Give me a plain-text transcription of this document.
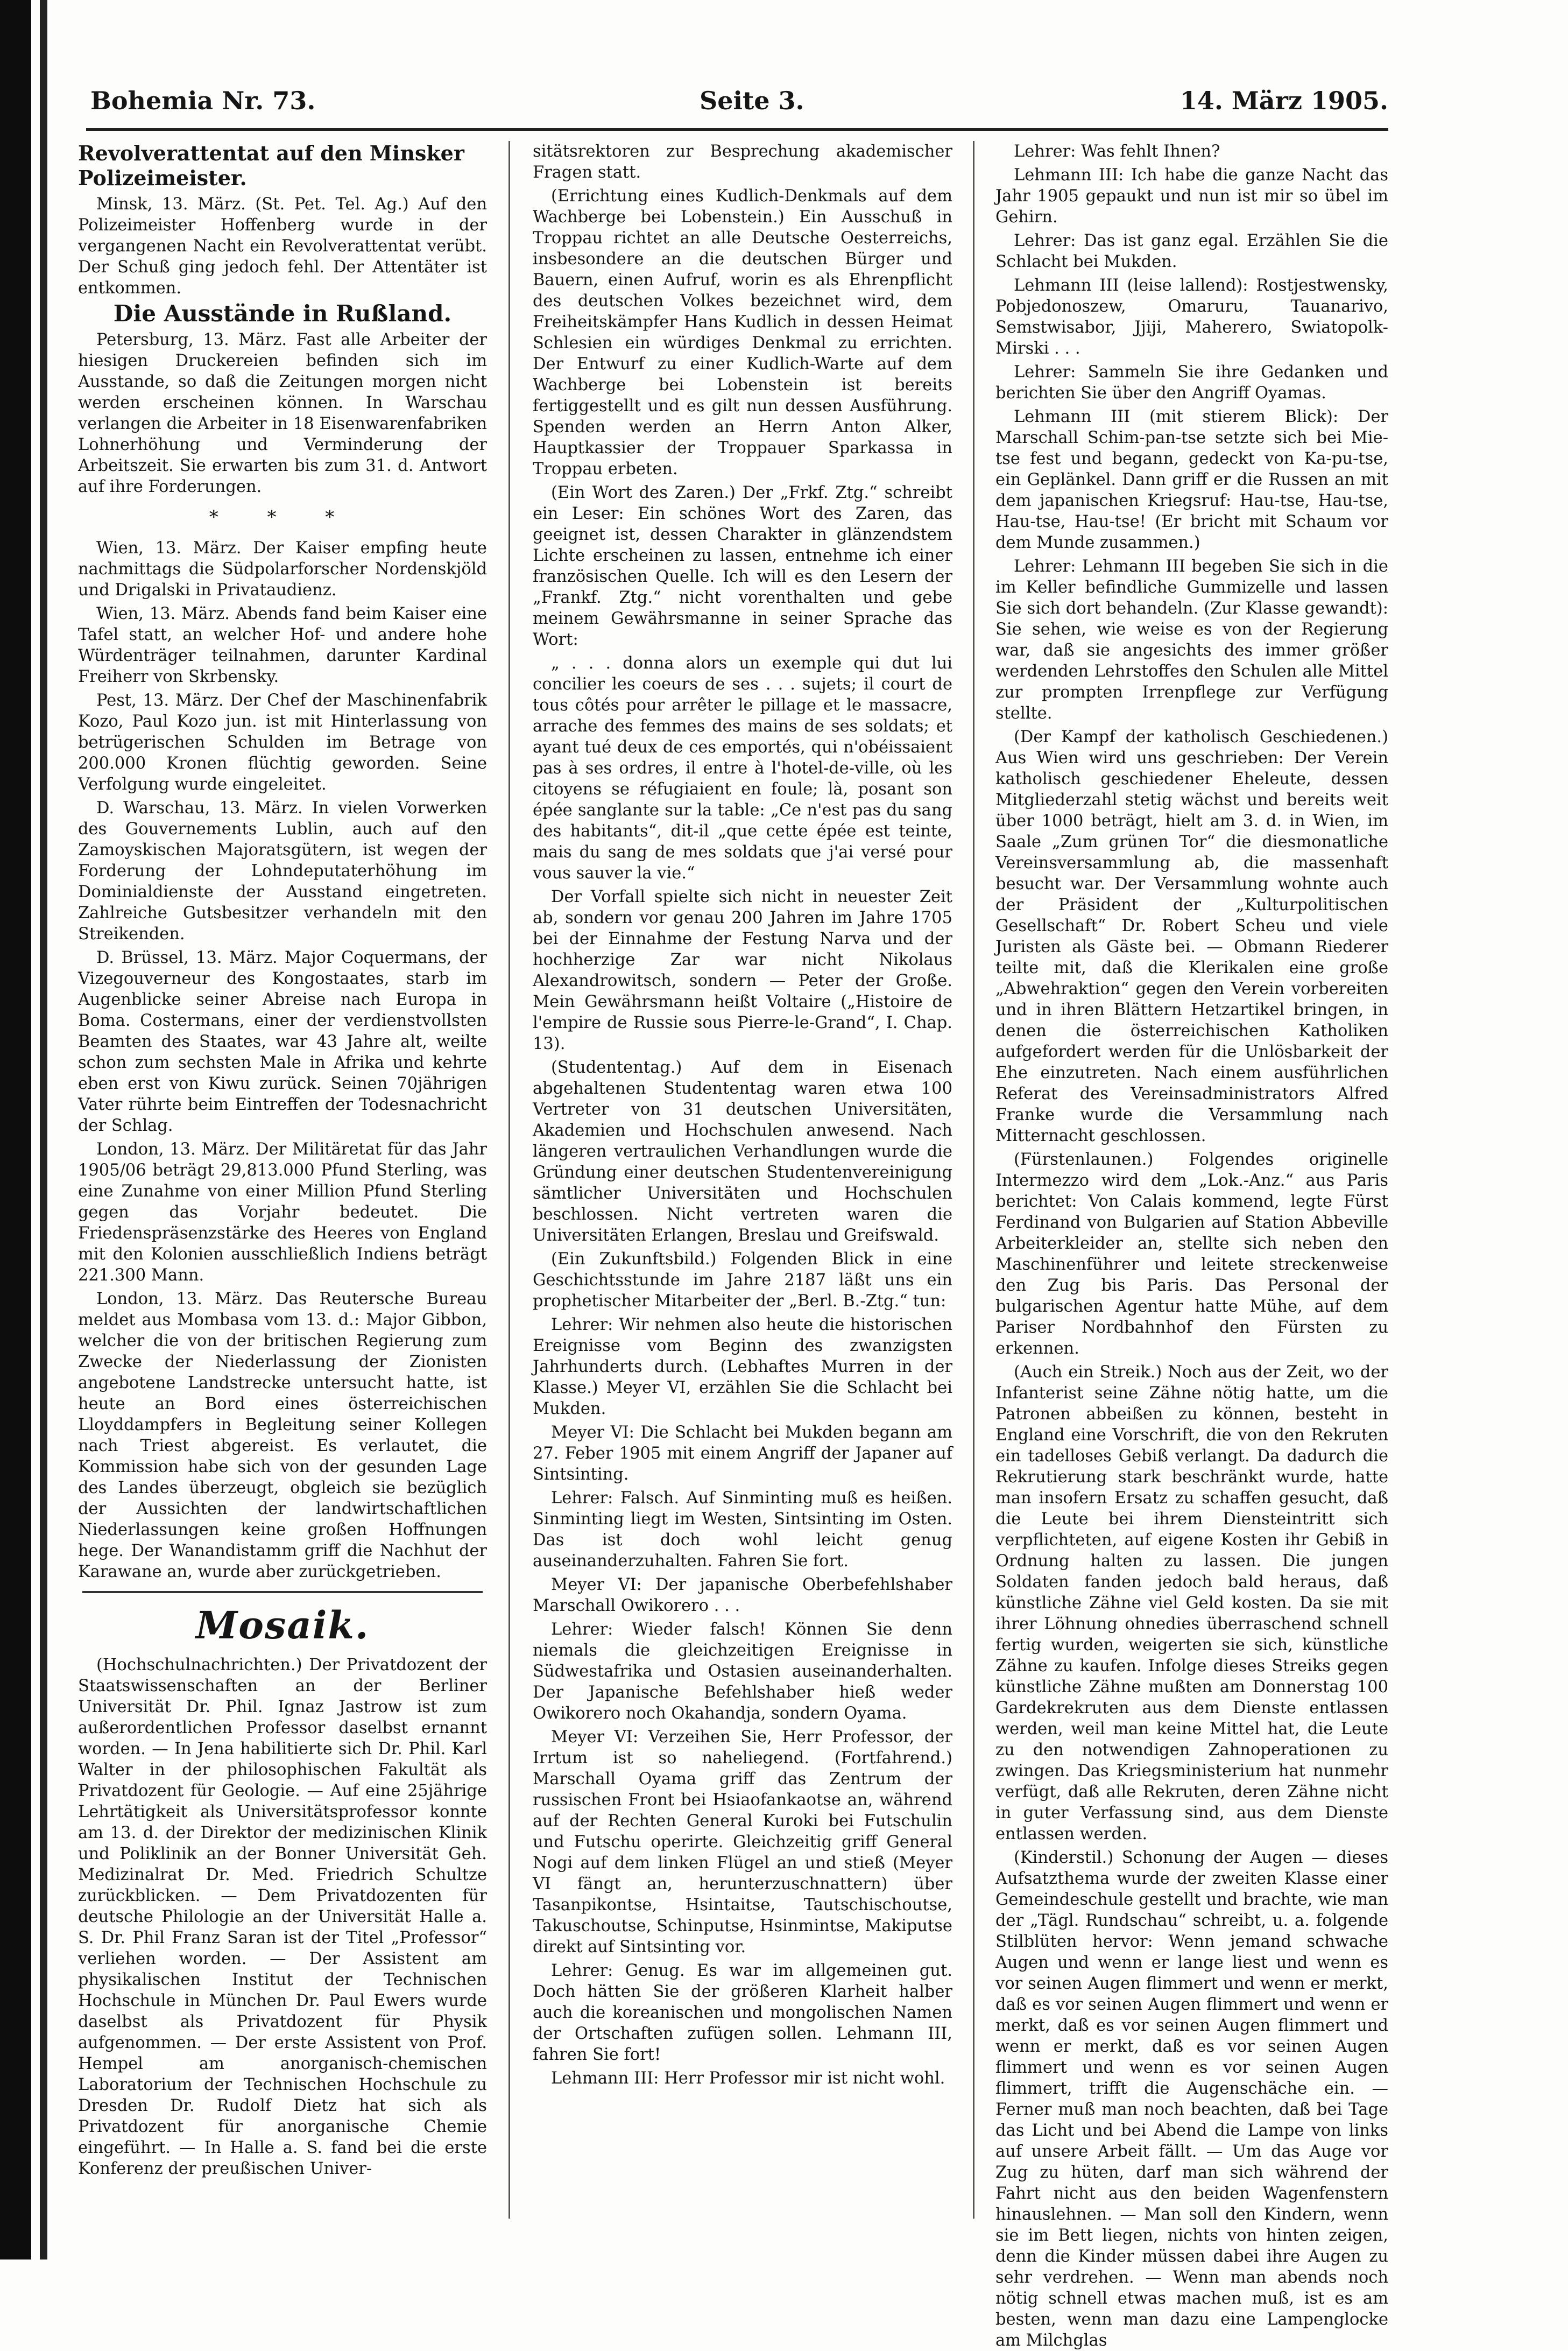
Bohemia Nr. 73.	Seite 3.	14. März 1905.
Revolverattentat auf den Minsker Polizeimeister.

Minsk, 13. März. (St. Pet. Tel. Ag.) Auf den Polizeimeister Hoffenberg wurde in der vergangenen Nacht ein Revolverattentat verübt. Der Schuß ging jedoch fehl. Der Attentäter ist entkommen.

Die Ausstände in Rußland.

Petersburg, 13. März. Fast alle Arbeiter der hiesigen Druckereien befinden sich im Ausstande, so daß die Zeitungen morgen nicht werden erscheinen können. In Warschau verlangen die Arbeiter in 18 Eisenwarenfabriken Lohnerhöhung und Verminderung der Arbeitszeit. Sie erwarten bis zum 31. d. Antwort auf ihre Forderungen.

* * *

Wien, 13. März. Der Kaiser empfing heute nachmittags die Südpolarforscher Nordenskjöld und Drigalski in Privataudienz.

Wien, 13. März. Abends fand beim Kaiser eine Tafel statt, an welcher Hof- und andere hohe Würdenträger teilnahmen, darunter Kardinal Freiherr von Skrbensky.

Pest, 13. März. Der Chef der Maschinenfabrik Kozo, Paul Kozo jun. ist mit Hinterlassung von betrügerischen Schulden im Betrage von 200.000 Kronen flüchtig geworden. Seine Verfolgung wurde eingeleitet.

D. Warschau, 13. März. In vielen Vorwerken des Gouvernements Lublin, auch auf den Zamoyskischen Majoratsgütern, ist wegen der Forderung der Lohndeputaterhöhung im Dominialdienste der Ausstand eingetreten. Zahlreiche Gutsbesitzer verhandeln mit den Streikenden.

D. Brüssel, 13. März. Major Coquermans, der Vizegouverneur des Kongostaates, starb im Augenblicke seiner Abreise nach Europa in Boma. Costermans, einer der verdienstvollsten Beamten des Staates, war 43 Jahre alt, weilte schon zum sechsten Male in Afrika und kehrte eben erst von Kiwu zurück. Seinen 70jährigen Vater rührte beim Eintreffen der Todesnachricht der Schlag.

London, 13. März. Der Militäretat für das Jahr 1905/06 beträgt 29,813.000 Pfund Sterling, was eine Zunahme von einer Million Pfund Sterling gegen das Vorjahr bedeutet. Die Friedenspräsenzstärke des Heeres von England mit den Kolonien ausschließlich Indiens beträgt 221.300 Mann.

London, 13. März. Das Reutersche Bureau meldet aus Mombasa vom 13. d.: Major Gibbon, welcher die von der britischen Regierung zum Zwecke der Niederlassung der Zionisten angebotene Landstrecke untersucht hatte, ist heute an Bord eines österreichischen Lloyddampfers in Begleitung seiner Kollegen nach Triest abgereist. Es verlautet, die Kommission habe sich von der gesunden Lage des Landes überzeugt, obgleich sie bezüglich der Aussichten der landwirtschaftlichen Niederlassungen keine großen Hoffnungen hege. Der Wanandistamm griff die Nachhut der Karawane an, wurde aber zurückgetrieben.

Mosaik.

(Hochschulnachrichten.) Der Privatdozent der Staatswissenschaften an der Berliner Universität Dr. Phil. Ignaz Jastrow ist zum außerordentlichen Professor daselbst ernannt worden. — In Jena habilitierte sich Dr. Phil. Karl Walter in der philosophischen Fakultät als Privatdozent für Geologie. — Auf eine 25jährige Lehrtätigkeit als Universitätsprofessor konnte am 13. d. der Direktor der medizinischen Klinik und Poliklinik an der Bonner Universität Geh. Medizinalrat Dr. Med. Friedrich Schultze zurückblicken. — Dem Privatdozenten für deutsche Philologie an der Universität Halle a. S. Dr. Phil Franz Saran ist der Titel „Professor“ verliehen worden. — Der Assistent am physikalischen Institut der Technischen Hochschule in München Dr. Paul Ewers wurde daselbst als Privatdozent für Physik aufgenommen. — Der erste Assistent von Prof. Hempel am anorganisch-chemischen Laboratorium der Technischen Hochschule zu Dresden Dr. Rudolf Dietz hat sich als Privatdozent für anorganische Chemie eingeführt. — In Halle a. S. fand bei die erste Konferenz der preußischen Univer-

sitätsrektoren zur Besprechung akademischer Fragen statt.

(Errichtung eines Kudlich-Denkmals auf dem Wachberge bei Lobenstein.) Ein Ausschuß in Troppau richtet an alle Deutsche Oesterreichs, insbesondere an die deutschen Bürger und Bauern, einen Aufruf, worin es als Ehrenpflicht des deutschen Volkes bezeichnet wird, dem Freiheitskämpfer Hans Kudlich in dessen Heimat Schlesien ein würdiges Denkmal zu errichten. Der Entwurf zu einer Kudlich-Warte auf dem Wachberge bei Lobenstein ist bereits fertiggestellt und es gilt nun dessen Ausführung. Spenden werden an Herrn Anton Alker, Hauptkassier der Troppauer Sparkassa in Troppau erbeten.

(Ein Wort des Zaren.) Der „Frkf. Ztg.“ schreibt ein Leser: Ein schönes Wort des Zaren, das geeignet ist, dessen Charakter in glänzendstem Lichte erscheinen zu lassen, entnehme ich einer französischen Quelle. Ich will es den Lesern der „Frankf. Ztg.“ nicht vorenthalten und gebe meinem Gewährsmanne in seiner Sprache das Wort:

„ . . . donna alors un exemple qui dut lui concilier les coeurs de ses . . . sujets; il court de tous côtés pour arrêter le pillage et le massacre, arrache des femmes des mains de ses soldats; et ayant tué deux de ces emportés, qui n'obéissaient pas à ses ordres, il entre à l'hotel-de-ville, où les citoyens se réfugiaient en foule; là, posant son épée sanglante sur la table: „Ce n'est pas du sang des habitants“, dit-il „que cette épée est teinte, mais du sang de mes soldats que j'ai versé pour vous sauver la vie.“

Der Vorfall spielte sich nicht in neuester Zeit ab, sondern vor genau 200 Jahren im Jahre 1705 bei der Einnahme der Festung Narva und der hochherzige Zar war nicht Nikolaus Alexandrowitsch, sondern — Peter der Große. Mein Gewährsmann heißt Voltaire („Histoire de l'empire de Russie sous Pierre-le-Grand“, I. Chap. 13).

(Studententag.) Auf dem in Eisenach abgehaltenen Studententag waren etwa 100 Vertreter von 31 deutschen Universitäten, Akademien und Hochschulen anwesend. Nach längeren vertraulichen Verhandlungen wurde die Gründung einer deutschen Studentenvereinigung sämtlicher Universitäten und Hochschulen beschlossen. Nicht vertreten waren die Universitäten Erlangen, Breslau und Greifswald.

(Ein Zukunftsbild.) Folgenden Blick in eine Geschichtsstunde im Jahre 2187 läßt uns ein prophetischer Mitarbeiter der „Berl. B.-Ztg.“ tun:

Lehrer: Wir nehmen also heute die historischen Ereignisse vom Beginn des zwanzigsten Jahrhunderts durch. (Lebhaftes Murren in der Klasse.) Meyer VI, erzählen Sie die Schlacht bei Mukden.

Meyer VI: Die Schlacht bei Mukden begann am 27. Feber 1905 mit einem Angriff der Japaner auf Sintsinting.

Lehrer: Falsch. Auf Sinminting muß es heißen. Sinminting liegt im Westen, Sintsinting im Osten. Das ist doch wohl leicht genug auseinanderzuhalten. Fahren Sie fort.

Meyer VI: Der japanische Oberbefehlshaber Marschall Owikorero . . .

Lehrer: Wieder falsch! Können Sie denn niemals die gleichzeitigen Ereignisse in Südwestafrika und Ostasien auseinanderhalten. Der Japanische Befehlshaber hieß weder Owikorero noch Okahandja, sondern Oyama.

Meyer VI: Verzeihen Sie, Herr Professor, der Irrtum ist so naheliegend. (Fortfahrend.) Marschall Oyama griff das Zentrum der russischen Front bei Hsiaofankaotse an, während auf der Rechten General Kuroki bei Futschulin und Futschu operirte. Gleichzeitig griff General Nogi auf dem linken Flügel an und stieß (Meyer VI fängt an, herunterzuschnattern) über Tasanpikontse, Hsintaitse, Tautschischoutse, Takuschoutse, Schinputse, Hsinmintse, Makiputse direkt auf Sintsinting vor.

Lehrer: Genug. Es war im allgemeinen gut. Doch hätten Sie der größeren Klarheit halber auch die koreanischen und mongolischen Namen der Ortschaften zufügen sollen. Lehmann III, fahren Sie fort!

Lehmann III: Herr Professor mir ist nicht wohl.

Lehrer: Was fehlt Ihnen?

Lehmann III: Ich habe die ganze Nacht das Jahr 1905 gepaukt und nun ist mir so übel im Gehirn.

Lehrer: Das ist ganz egal. Erzählen Sie die Schlacht bei Mukden.

Lehmann III (leise lallend): Rostjestwensky, Pobjedonoszew, Omaruru, Tauanarivo, Semstwisabor, Jjiji, Maherero, Swiatopolk-Mirski . . .

Lehrer: Sammeln Sie ihre Gedanken und berichten Sie über den Angriff Oyamas.

Lehmann III (mit stierem Blick): Der Marschall Schim-pan-tse setzte sich bei Mie-tse fest und begann, gedeckt von Ka-pu-tse, ein Geplänkel. Dann griff er die Russen an mit dem japanischen Kriegsruf: Hau-tse, Hau-tse, Hau-tse, Hau-tse! (Er bricht mit Schaum vor dem Munde zusammen.)

Lehrer: Lehmann III begeben Sie sich in die im Keller befindliche Gummizelle und lassen Sie sich dort behandeln. (Zur Klasse gewandt): Sie sehen, wie weise es von der Regierung war, daß sie angesichts des immer größer werdenden Lehrstoffes den Schulen alle Mittel zur prompten Irrenpflege zur Verfügung stellte.

(Der Kampf der katholisch Geschiedenen.) Aus Wien wird uns geschrieben: Der Verein katholisch geschiedener Eheleute, dessen Mitgliederzahl stetig wächst und bereits weit über 1000 beträgt, hielt am 3. d. in Wien, im Saale „Zum grünen Tor“ die diesmonatliche Vereinsversammlung ab, die massenhaft besucht war. Der Versammlung wohnte auch der Präsident der „Kulturpolitischen Gesellschaft“ Dr. Robert Scheu und viele Juristen als Gäste bei. — Obmann Riederer teilte mit, daß die Klerikalen eine große „Abwehraktion“ gegen den Verein vorbereiten und in ihren Blättern Hetzartikel bringen, in denen die österreichischen Katholiken aufgefordert werden für die Unlösbarkeit der Ehe einzutreten. Nach einem ausführlichen Referat des Vereinsadministrators Alfred Franke wurde die Versammlung nach Mitternacht geschlossen.

(Fürstenlaunen.) Folgendes originelle Intermezzo wird dem „Lok.-Anz.“ aus Paris berichtet: Von Calais kommend, legte Fürst Ferdinand von Bulgarien auf Station Abbeville Arbeiterkleider an, stellte sich neben den Maschinenführer und leitete streckenweise den Zug bis Paris. Das Personal der bulgarischen Agentur hatte Mühe, auf dem Pariser Nordbahnhof den Fürsten zu erkennen.

(Auch ein Streik.) Noch aus der Zeit, wo der Infanterist seine Zähne nötig hatte, um die Patronen abbeißen zu können, besteht in England eine Vorschrift, die von den Rekruten ein tadelloses Gebiß verlangt. Da dadurch die Rekrutierung stark beschränkt wurde, hatte man insofern Ersatz zu schaffen gesucht, daß die Leute bei ihrem Diensteintritt sich verpflichteten, auf eigene Kosten ihr Gebiß in Ordnung halten zu lassen. Die jungen Soldaten fanden jedoch bald heraus, daß künstliche Zähne viel Geld kosten. Da sie mit ihrer Löhnung ohnedies überraschend schnell fertig wurden, weigerten sie sich, künstliche Zähne zu kaufen. Infolge dieses Streiks gegen künstliche Zähne mußten am Donnerstag 100 Gardekrekruten aus dem Dienste entlassen werden, weil man keine Mittel hat, die Leute zu den notwendigen Zahnoperationen zu zwingen. Das Kriegsministerium hat nunmehr verfügt, daß alle Rekruten, deren Zähne nicht in guter Verfassung sind, aus dem Dienste entlassen werden.

(Kinderstil.) Schonung der Augen — dieses Aufsatzthema wurde der zweiten Klasse einer Gemeindeschule gestellt und brachte, wie man der „Tägl. Rundschau“ schreibt, u. a. folgende Stilblüten hervor: Wenn jemand schwache Augen und wenn er lange liest und wenn es vor seinen Augen flimmert und wenn er merkt, daß es vor seinen Augen flimmert und wenn er merkt, daß es vor seinen Augen flimmert und wenn er merkt, daß es vor seinen Augen flimmert und wenn es vor seinen Augen flimmert, trifft die Augenschäche ein. — Ferner muß man noch beachten, daß bei Tage das Licht und bei Abend die Lampe von links auf unsere Arbeit fällt. — Um das Auge vor Zug zu hüten, darf man sich während der Fahrt nicht aus den beiden Wagenfenstern hinauslehnen. — Man soll den Kindern, wenn sie im Bett liegen, nichts von hinten zeigen, denn die Kinder müssen dabei ihre Augen zu sehr verdrehen. — Wenn man abends noch nötig schnell etwas machen muß, ist es am besten, wenn man dazu eine Lampenglocke am Milchglas
